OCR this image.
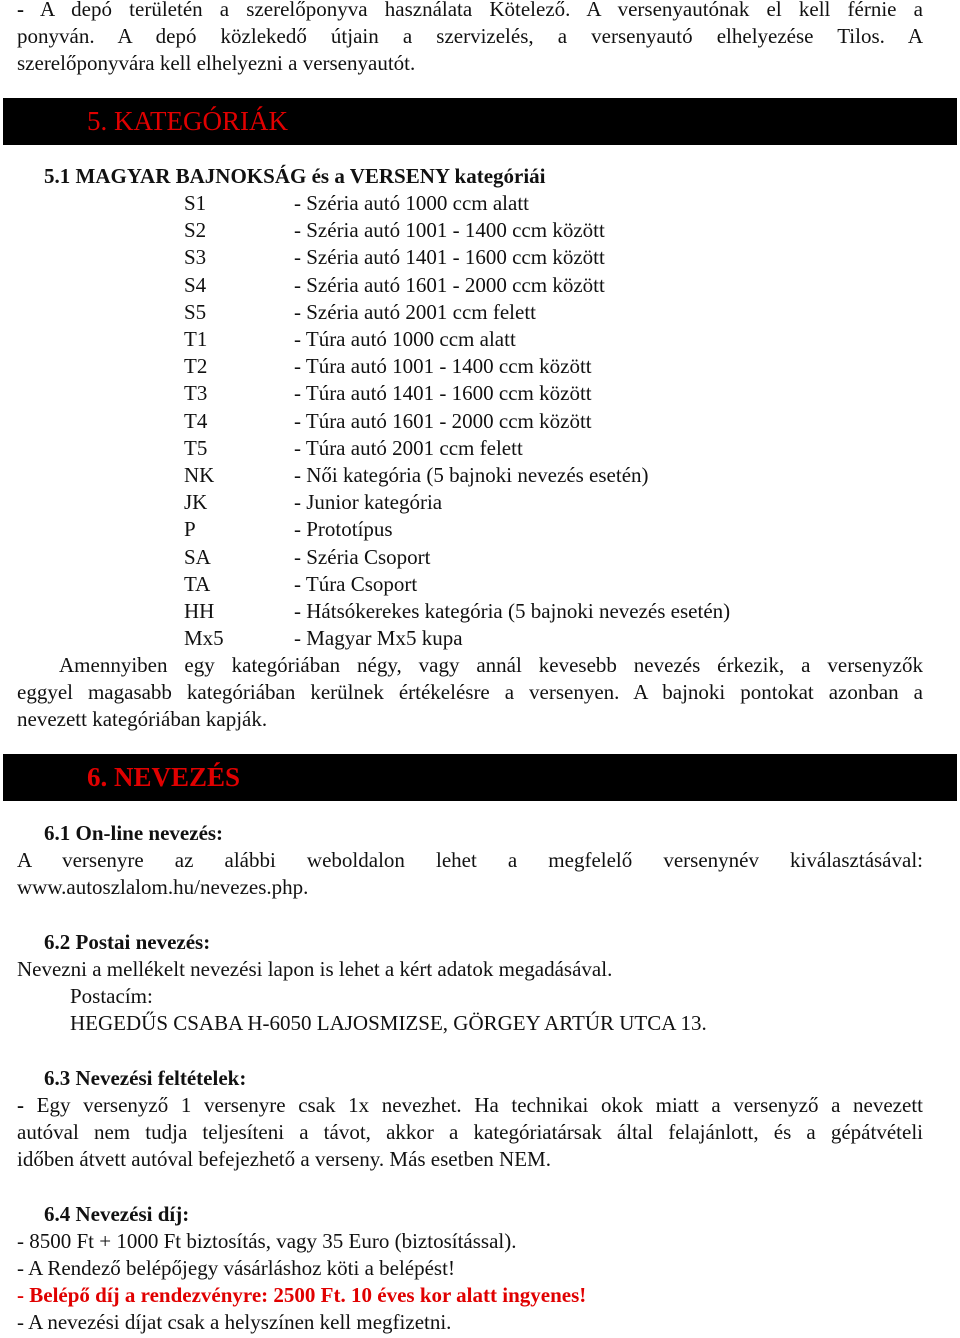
- A depó területén a szerelőponyva használata Kötelező. A versenyautónak el kell férnie a

ponyván. A depó közlekedő útjain a szervizelés, a versenyautó elhelyezése Tilos. A

szerelőponyvára kell elhelyezni a versenyautót.

5. KATEGÓRIÁK
5.1 MAGYAR BAJNOKSÁG és a VERSENY kategóriái
S1	- Széria autó 1000 ccm alatt
S2	- Széria autó 1001 - 1400 ccm között
S3	- Széria autó 1401 - 1600 ccm között
S4	- Széria autó 1601 - 2000 ccm között
S5	- Széria autó 2001 ccm felett
T1	- Túra autó 1000 ccm alatt
T2	- Túra autó 1001 - 1400 ccm között
T3	- Túra autó 1401 - 1600 ccm között
T4	- Túra autó 1601 - 2000 ccm között
T5	- Túra autó 2001 ccm felett
NK	- Női kategória (5 bajnoki nevezés esetén)
JK	- Junior kategória
P	- Prototípus
SA	- Széria Csoport
TA	- Túra Csoport
HH	- Hátsókerekes kategória (5 bajnoki nevezés esetén)
Mx5	- Magyar Mx5 kupa

Amennyiben egy kategóriában négy, vagy annál kevesebb nevezés érkezik, a versenyzők

eggyel magasabb kategóriában kerülnek értékelésre a versenyen. A bajnoki pontokat azonban a

nevezett kategóriában kapják.

6. NEVEZÉS
6.1 On-line nevezés:

A versenyre az alábbi weboldalon lehet a megfelelő versenynév kiválasztásával:

www.autoszlalom.hu/nevezes.php.

6.2 Postai nevezés:

Nevezni a mellékelt nevezési lapon is lehet a kért adatok megadásával.

Postacím:
HEGEDŰS CSABA H-6050 LAJOSMIZSE, GÖRGEY ARTÚR UTCA 13.
6.3 Nevezési feltételek:

- Egy versenyző 1 versenyre csak 1x nevezhet. Ha technikai okok miatt a versenyző a nevezett

autóval nem tudja teljesíteni a távot, akkor a kategóriatársak által felajánlott, és a gépátvételi

időben átvett autóval befejezhető a verseny. Más esetben NEM.

6.4 Nevezési díj:

- 8500 Ft + 1000 Ft biztosítás, vagy 35 Euro (biztosítással).

- A Rendező belépőjegy vásárláshoz köti a belépést!

- Belépő díj a rendezvényre: 2500 Ft. 10 éves kor alatt ingyenes!

- A nevezési díjat csak a helyszínen kell megfizetni.
